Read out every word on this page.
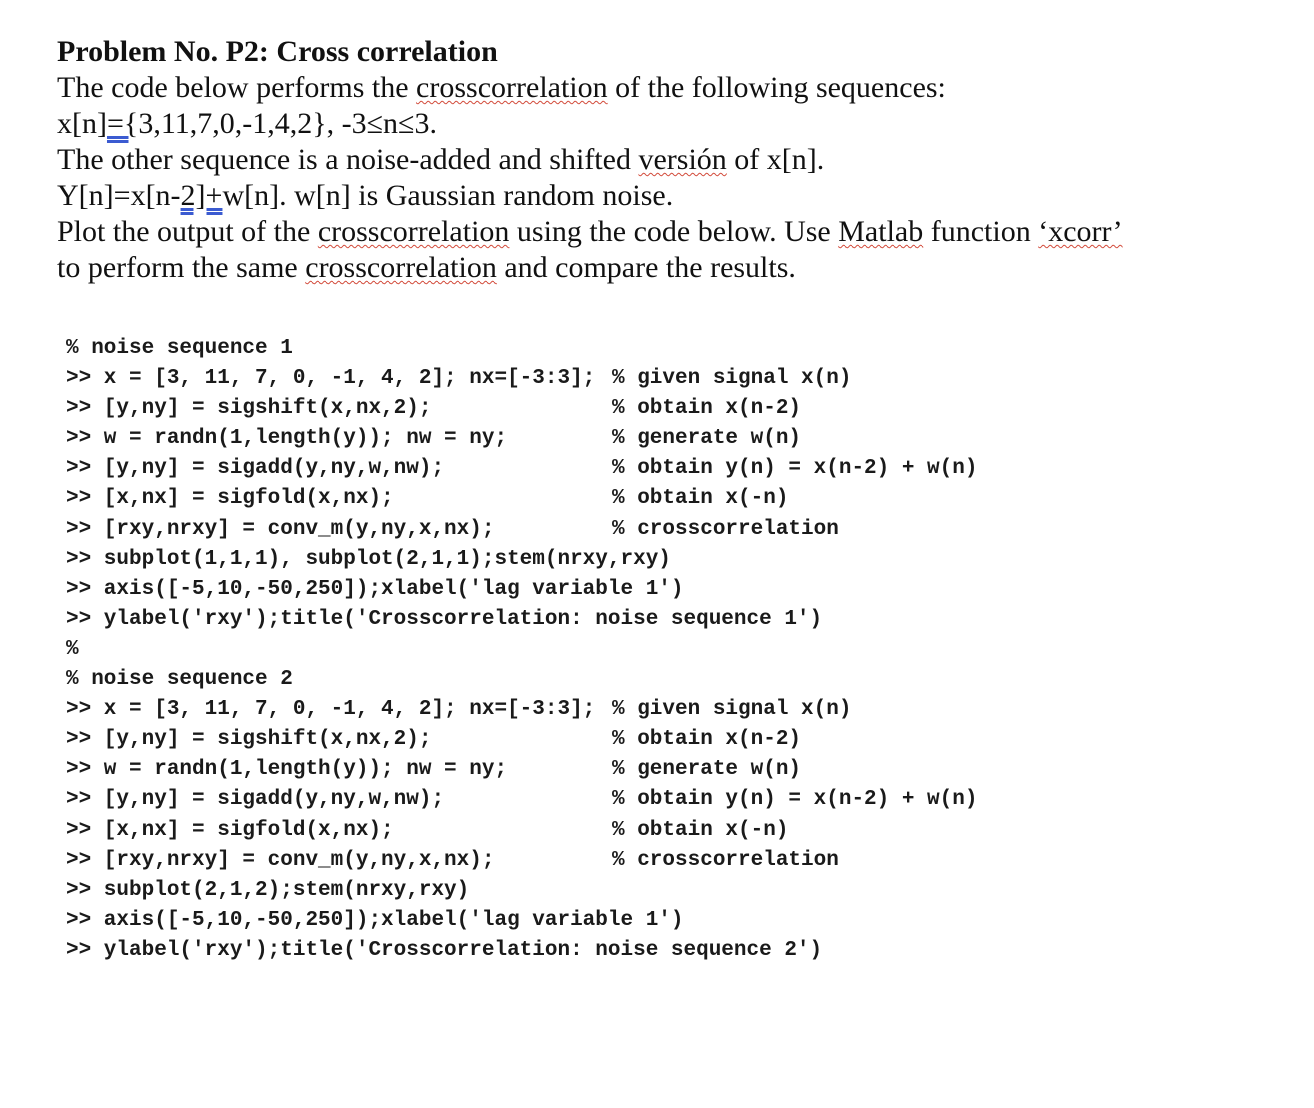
Problem No. P2: Cross correlation

The code below performs the crosscorrelation of the following sequences:

x[n]={3,11,7,0,-1,4,2}, -3≤n≤3.

The other sequence is a noise-added and shifted versión of x[n].

Y[n]=x[n-2]+w[n]. w[n] is Gaussian random noise.

Plot the output of the crosscorrelation using the code below. Use Matlab function ‘xcorr’

to perform the same crosscorrelation and compare the results.

% noise sequence 1
>> x = [3, 11, 7, 0, -1, 4, 2]; nx=[-3:3]; % given signal x(n)
>> [y,ny] = sigshift(x,nx,2);	% obtain x(n-2)
>> w = randn(1,length(y)); nw = ny;	% generate w(n)
>> [y,ny] = sigadd(y,ny,w,nw);	% obtain y(n) = x(n-2) + w(n)
>> [x,nx] = sigfold(x,nx);	% obtain x(-n)
>> [rxy,nrxy] = conv_m(y,ny,x,nx);	% crosscorrelation
>> subplot(1,1,1), subplot(2,1,1);stem(nrxy,rxy)
>> axis([-5,10,-50,250]);xlabel('lag variable 1')
>> ylabel('rxy');title('Crosscorrelation: noise sequence 1')
%
% noise sequence 2
>> x = [3, 11, 7, 0, -1, 4, 2]; nx=[-3:3]; % given signal x(n)
>> [y,ny] = sigshift(x,nx,2);	% obtain x(n-2)
>> w = randn(1,length(y)); nw = ny;	% generate w(n)
>> [y,ny] = sigadd(y,ny,w,nw);	% obtain y(n) = x(n-2) + w(n)
>> [x,nx] = sigfold(x,nx);	% obtain x(-n)
>> [rxy,nrxy] = conv_m(y,ny,x,nx);	% crosscorrelation
>> subplot(2,1,2);stem(nrxy,rxy)
>> axis([-5,10,-50,250]);xlabel('lag variable 1')
>> ylabel('rxy');title('Crosscorrelation: noise sequence 2')
